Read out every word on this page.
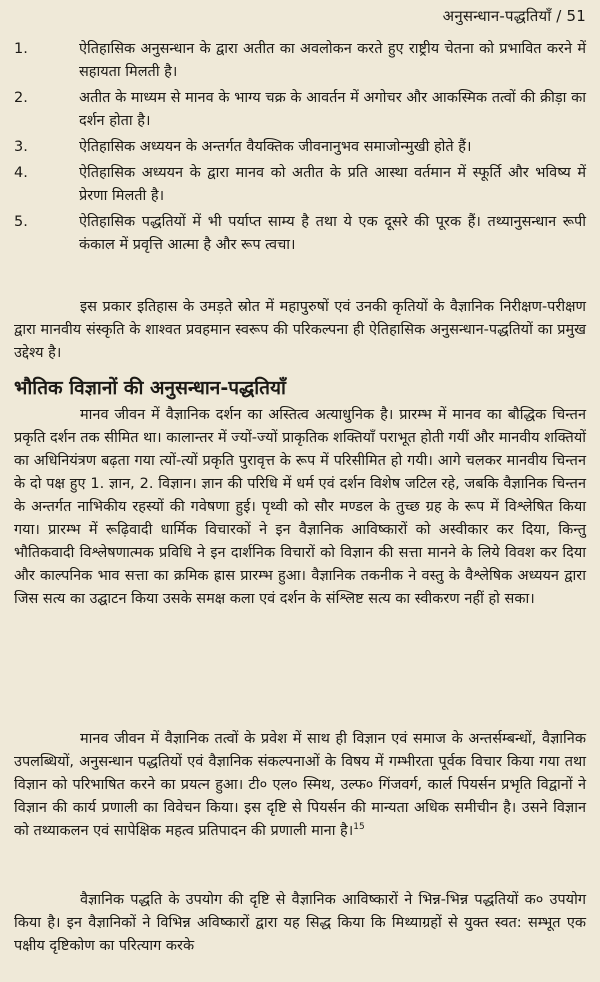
अनुसन्धान-पद्धतियाँ / 51
1.	ऐतिहासिक अनुसन्धान के द्वारा अतीत का अवलोकन करते हुए राष्ट्रीय चेतना को प्रभावित करने में सहायता मिलती है।
2.	अतीत के माध्यम से मानव के भाग्य चक्र के आवर्तन में अगोचर और आकस्मिक तत्वों की क्रीड़ा का दर्शन होता है।
3.	ऐतिहासिक अध्ययन के अन्तर्गत वैयक्तिक जीवनानुभव समाजोन्मुखी होते हैं।
4.	ऐतिहासिक अध्ययन के द्वारा मानव को अतीत के प्रति आस्था वर्तमान में स्फूर्ति और भविष्य में प्रेरणा मिलती है।
5.	ऐतिहासिक पद्धतियों में भी पर्याप्त साम्य है तथा ये एक दूसरे की पूरक हैं। तथ्यानुसन्धान रूपी कंकाल में प्रवृत्ति आत्मा है और रूप त्वचा।

इस प्रकार इतिहास के उमड़ते स्रोत में महापुरुषों एवं उनकी कृतियों के वैज्ञानिक निरीक्षण-परीक्षण द्वारा मानवीय संस्कृति के शाश्वत प्रवहमान स्वरूप की परिकल्पना ही ऐतिहासिक अनुसन्धान-पद्धतियों का प्रमुख उद्देश्य है।

भौतिक विज्ञानों की अनुसन्धान-पद्धतियाँ

मानव जीवन में वैज्ञानिक दर्शन का अस्तित्व अत्याधुनिक है। प्रारम्भ में मानव का बौद्धिक चिन्तन प्रकृति दर्शन तक सीमित था। कालान्तर में ज्यों-ज्यों प्राकृतिक शक्तियाँ पराभूत होती गयीं और मानवीय शक्तियों का अधिनियंत्रण बढ़ता गया त्यों-त्यों प्रकृति पुरावृत्त के रूप में परिसीमित हो गयी। आगे चलकर मानवीय चिन्तन के दो पक्ष हुए 1. ज्ञान, 2. विज्ञान। ज्ञान की परिधि में धर्म एवं दर्शन विशेष जटिल रहे, जबकि वैज्ञानिक चिन्तन के अन्तर्गत नाभिकीय रहस्यों की गवेषणा हुई। पृथ्वी को सौर मण्डल के तुच्छ ग्रह के रूप में विश्लेषित किया गया। प्रारम्भ में रूढ़िवादी धार्मिक विचारकों ने इन वैज्ञानिक आविष्कारों को अस्वीकार कर दिया, किन्तु भौतिकवादी विश्लेषणात्मक प्रविधि ने इन दार्शनिक विचारों को विज्ञान की सत्ता मानने के लिये विवश कर दिया और काल्पनिक भाव सत्ता का क्रमिक ह्रास प्रारम्भ हुआ। वैज्ञानिक तकनीक ने वस्तु के वैश्लेषिक अध्ययन द्वारा जिस सत्य का उद्घाटन किया उसके समक्ष कला एवं दर्शन के संश्लिष्ट सत्य का स्वीकरण नहीं हो सका।

मानव जीवन में वैज्ञानिक तत्वों के प्रवेश में साथ ही विज्ञान एवं समाज के अन्तर्सम्बन्धों, वैज्ञानिक उपलब्धियों, अनुसन्धान पद्धतियों एवं वैज्ञानिक संकल्पनाओं के विषय में गम्भीरता पूर्वक विचार किया गया तथा विज्ञान को परिभाषित करने का प्रयत्न हुआ। टी० एल० स्मिथ, उल्फ० गिंजवर्ग, कार्ल पियर्सन प्रभृति विद्वानों ने विज्ञान की कार्य प्रणाली का विवेचन किया। इस दृष्टि से पियर्सन की मान्यता अधिक समीचीन है। उसने विज्ञान को तथ्याकलन एवं सापेक्षिक महत्व प्रतिपादन की प्रणाली माना है।$^{15}$

वैज्ञानिक पद्धति के उपयोग की दृष्टि से वैज्ञानिक आविष्कारों ने भिन्न-भिन्न पद्धतियों क० उपयोग किया है। इन वैज्ञानिकों ने विभिन्न अविष्कारों द्वारा यह सिद्ध किया कि मिथ्याग्रहों से युक्त स्वत: सम्भूत एक पक्षीय दृष्टिकोण का परित्याग करके
